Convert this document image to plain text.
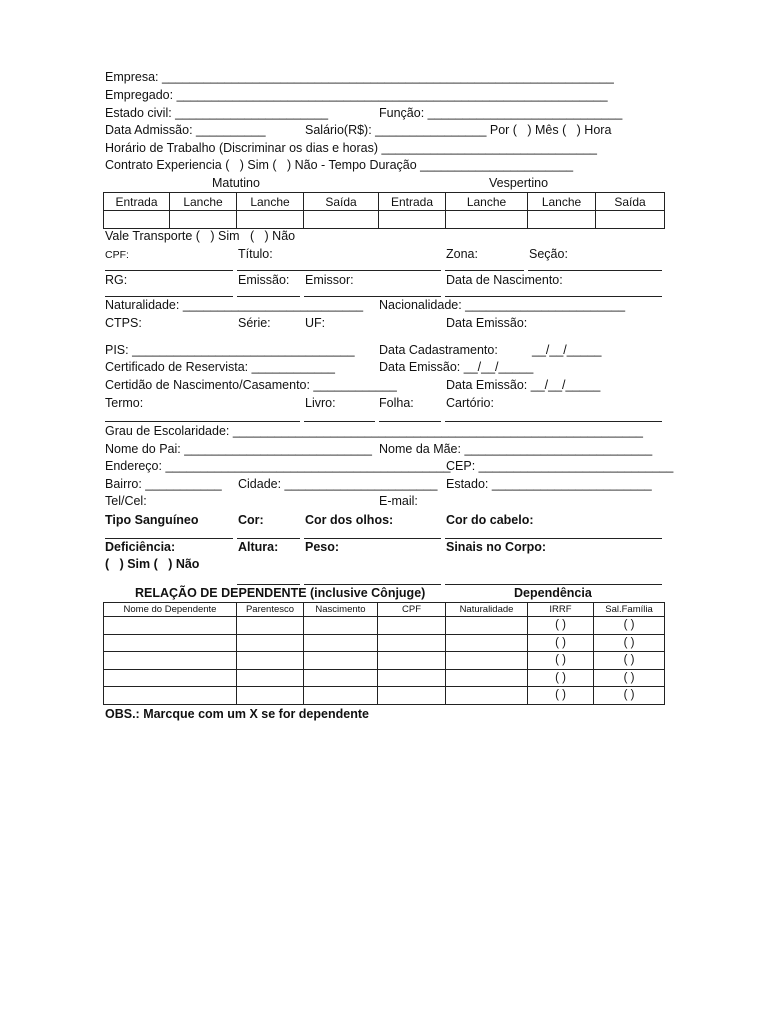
Empresa: _________________________________________________________________
Empregado: ______________________________________________________________
Estado civil: ______________________	Função: ____________________________
Data Admissão: __________	Salário(R$): ________________ Por (   ) Mês (   ) Hora
Horário de Trabalho (Discriminar os dias e horas) _______________________________
Contrato Experiencia (   ) Sim (   ) Não - Tempo Duração ______________________
Matutino	Vespertino
Entrada	Lanche	Lanche	Saída	Entrada	Lanche	Lanche	Saída

Vale Transporte (   ) Sim   (   ) Não
CPF:	Título:	Zona:	Seção:
RG:	Emissão: Emissor:	Data de Nascimento:
Naturalidade: ________ __________________ Nacionalidade: _______________________
CTPS:	Série:	UF:	Data Emissão:
PIS: ________________________________ Data Cadastramento:	__/__/_____
Certificado de Reservista: ____________	Data Emissão: __/__/_____
Certidão de Nascimento/Casamento: ____________	Data Emissão: __/__/_____
Termo:	Livro:	Folha:	Cartório:
Grau de Escolaridade: ___________________________________________________________
Nome do Pai: ___________________________ Nome da Mãe: ___________________________
Endereço: _________________________________________
CEP: ____________________________
Bairro: ___________ Cidade: ______________________ Estado: _______________________
Tel/Cel:	E-mail:
Tipo Sanguíneo	Cor:	Cor dos olhos:	Cor do cabelo:
Deficiência:	Altura: Peso:	Sinais no Corpo:
(   ) Sim (   ) Não
RELAÇÃO DE DEPENDENTE (inclusive Cônjuge)	Dependência
Nome do Dependente	Parentesco	Nascimento	CPF	Naturalidade	IRRF	Sal.Família
					( )	( )
					( )	( )
					( )	( )
					( )	( )
					( )	( )
OBS.: Marcque com um X se for dependente
